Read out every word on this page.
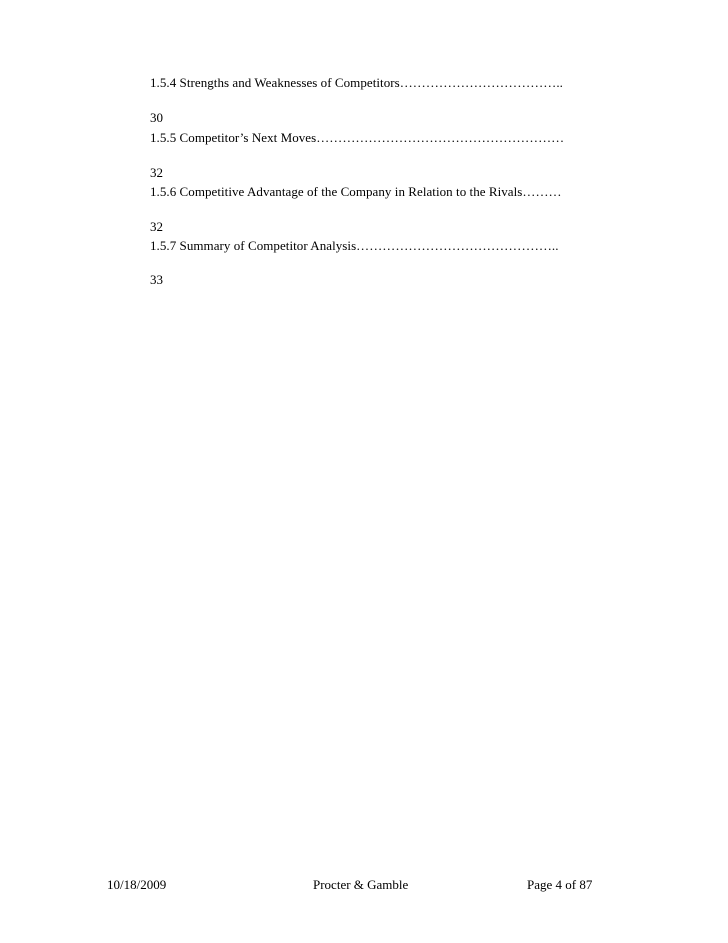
1.5.4 Strengths and Weaknesses of Competitors………………………………..
30
1.5.5 Competitor’s Next Moves…………………………………………………
32
1.5.6 Competitive Advantage of the Company in Relation to the Rivals………
32
1.5.7 Summary of Competitor Analysis………………………………………..
33
10/18/2009	Procter & Gamble	Page 4 of 87
